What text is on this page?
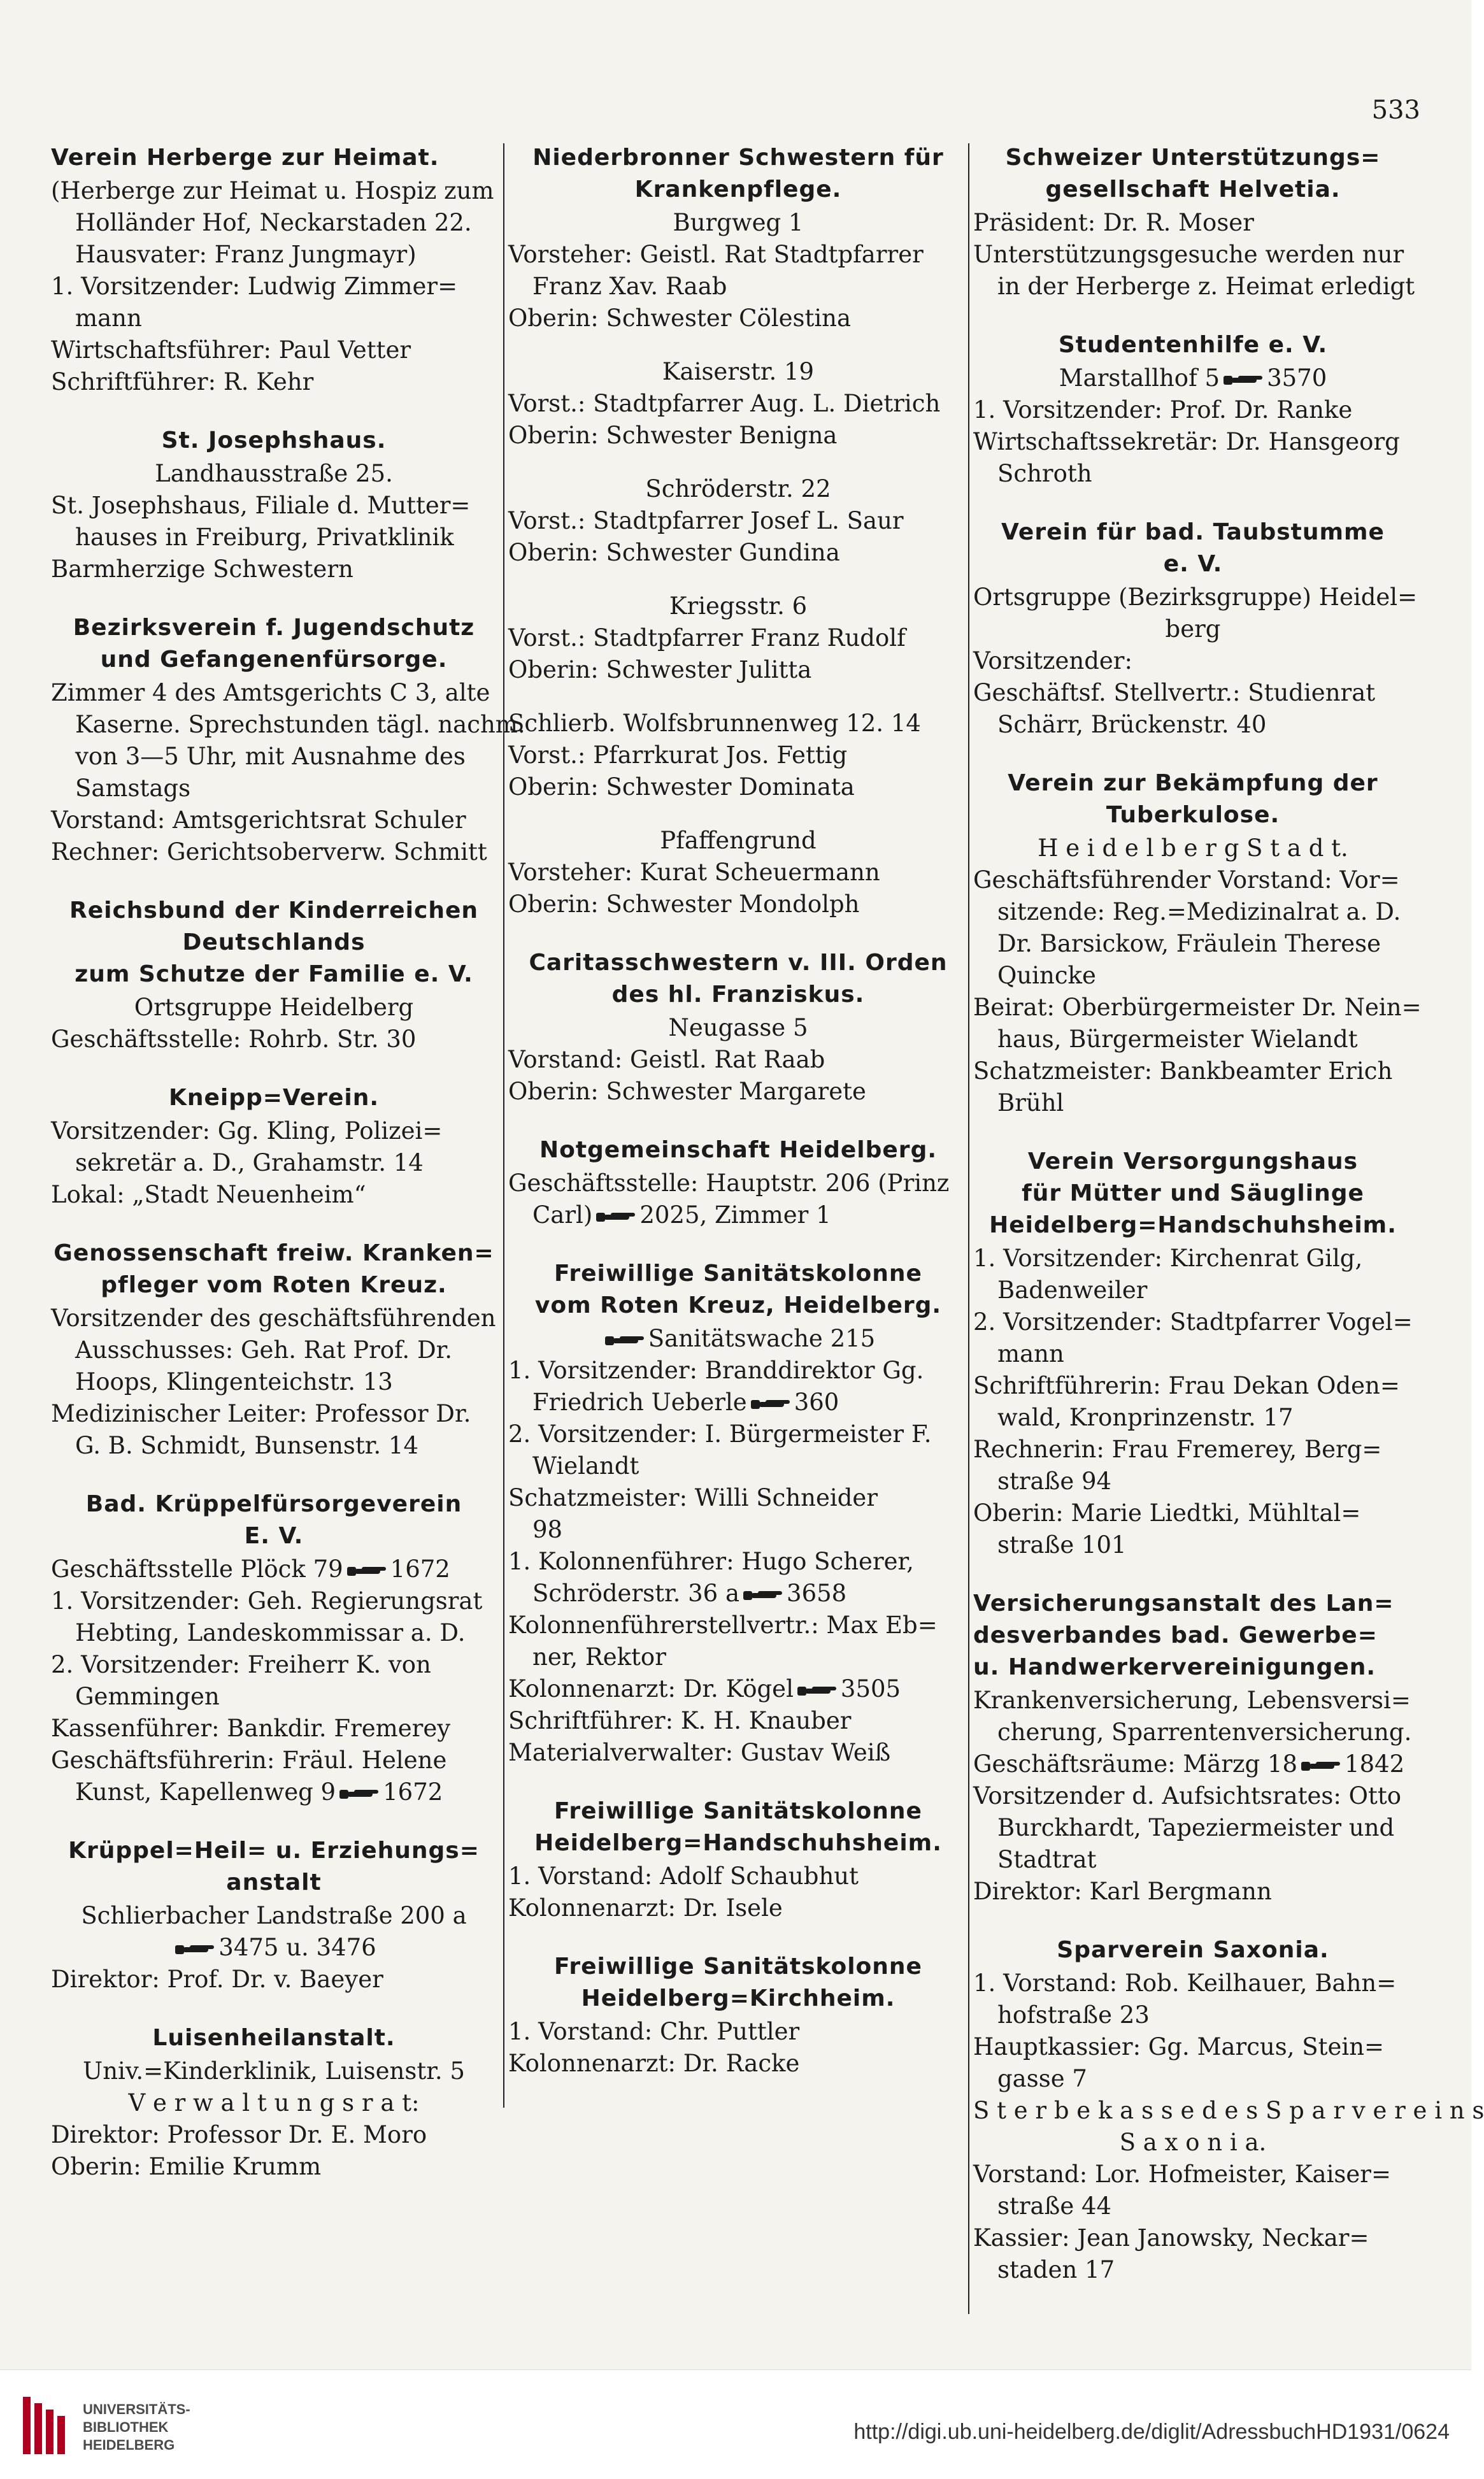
533
Verein Herberge zur Heimat.
(Herberge zur Heimat u. Hospiz zum
Holländer Hof, Neckarstaden 22.
Hausvater: Franz Jungmayr)
1. Vorsitzender: Ludwig Zimmer=
mann
Wirtschaftsführer: Paul Vetter
Schriftführer: R. Kehr
St. Josephshaus.
Landhausstraße 25.
St. Josephshaus, Filiale d. Mutter=
hauses in Freiburg, Privatklinik
Barmherzige Schwestern
Bezirksverein f. Jugendschutz
und Gefangenenfürsorge.
Zimmer 4 des Amtsgerichts C 3, alte
Kaserne. Sprechstunden tägl. nachm.
von 3—5 Uhr, mit Ausnahme des
Samstags
Vorstand: Amtsgerichtsrat Schuler
Rechner: Gerichtsoberverw. Schmitt
Reichsbund der Kinderreichen
Deutschlands
zum Schutze der Familie e. V.
Ortsgruppe Heidelberg
Geschäftsstelle: Rohrb. Str. 30
Kneipp=Verein.
Vorsitzender: Gg. Kling, Polizei=
sekretär a. D., Grahamstr. 14
Lokal: „Stadt Neuenheim“
Genossenschaft freiw. Kranken=
pfleger vom Roten Kreuz.
Vorsitzender des geschäftsführenden
Ausschusses: Geh. Rat Prof. Dr.
Hoops, Klingenteichstr. 13
Medizinischer Leiter: Professor Dr.
G. B. Schmidt, Bunsenstr. 14
Bad. Krüppelfürsorgeverein
E. V.
Geschäftsstelle Plöck 79 1672
1. Vorsitzender: Geh. Regierungsrat
Hebting, Landeskommissar a. D.
2. Vorsitzender: Freiherr K. von
Gemmingen
Kassenführer: Bankdir. Fremerey
Geschäftsführerin: Fräul. Helene
Kunst, Kapellenweg 9 1672
Krüppel=Heil= u. Erziehungs=
anstalt
Schlierbacher Landstraße 200 a
3475 u. 3476
Direktor: Prof. Dr. v. Baeyer
Luisenheilanstalt.
Univ.=Kinderklinik, Luisenstr. 5
V e r w a l t u n g s r a t:
Direktor: Professor Dr. E. Moro
Oberin: Emilie Krumm
Niederbronner Schwestern für
Krankenpflege.
Burgweg 1
Vorsteher: Geistl. Rat Stadtpfarrer
Franz Xav. Raab
Oberin: Schwester Cölestina
Kaiserstr. 19
Vorst.: Stadtpfarrer Aug. L. Dietrich
Oberin: Schwester Benigna
Schröderstr. 22
Vorst.: Stadtpfarrer Josef L. Saur
Oberin: Schwester Gundina
Kriegsstr. 6
Vorst.: Stadtpfarrer Franz Rudolf
Oberin: Schwester Julitta
Schlierb. Wolfsbrunnenweg 12. 14
Vorst.: Pfarrkurat Jos. Fettig
Oberin: Schwester Dominata
Pfaffengrund
Vorsteher: Kurat Scheuermann
Oberin: Schwester Mondolph
Caritasschwestern v. III. Orden
des hl. Franziskus.
Neugasse 5
Vorstand: Geistl. Rat Raab
Oberin: Schwester Margarete
Notgemeinschaft Heidelberg.
Geschäftsstelle: Hauptstr. 206 (Prinz
Carl) 2025, Zimmer 1
Freiwillige Sanitätskolonne
vom Roten Kreuz, Heidelberg.
Sanitätswache 215
1. Vorsitzender: Branddirektor Gg.
Friedrich Ueberle 360
2. Vorsitzender: I. Bürgermeister F.
Wielandt
Schatzmeister: Willi Schneider
98
1. Kolonnenführer: Hugo Scherer,
Schröderstr. 36 a 3658
Kolonnenführerstellvertr.: Max Eb=
ner, Rektor
Kolonnenarzt: Dr. Kögel 3505
Schriftführer: K. H. Knauber
Materialverwalter: Gustav Weiß
Freiwillige Sanitätskolonne
Heidelberg=Handschuhsheim.
1. Vorstand: Adolf Schaubhut
Kolonnenarzt: Dr. Isele
Freiwillige Sanitätskolonne
Heidelberg=Kirchheim.
1. Vorstand: Chr. Puttler
Kolonnenarzt: Dr. Racke
Schweizer Unterstützungs=
gesellschaft Helvetia.
Präsident: Dr. R. Moser
Unterstützungsgesuche werden nur
in der Herberge z. Heimat erledigt
Studentenhilfe e. V.
Marstallhof 5 3570
1. Vorsitzender: Prof. Dr. Ranke
Wirtschaftssekretär: Dr. Hansgeorg
Schroth
Verein für bad. Taubstumme
e. V.
Ortsgruppe (Bezirksgruppe) Heidel=
berg
Vorsitzender:
Geschäftsf. Stellvertr.: Studienrat
Schärr, Brückenstr. 40
Verein zur Bekämpfung der
Tuberkulose.
H e i d e l b e r g S t a d t.
Geschäftsführender Vorstand: Vor=
sitzende: Reg.=Medizinalrat a. D.
Dr. Barsickow, Fräulein Therese
Quincke
Beirat: Oberbürgermeister Dr. Nein=
haus, Bürgermeister Wielandt
Schatzmeister: Bankbeamter Erich
Brühl
Verein Versorgungshaus
für Mütter und Säuglinge
Heidelberg=Handschuhsheim.
1. Vorsitzender: Kirchenrat Gilg,
Badenweiler
2. Vorsitzender: Stadtpfarrer Vogel=
mann
Schriftführerin: Frau Dekan Oden=
wald, Kronprinzenstr. 17
Rechnerin: Frau Fremerey, Berg=
straße 94
Oberin: Marie Liedtki, Mühltal=
straße 101
Versicherungsanstalt des Lan=
desverbandes bad. Gewerbe=
u. Handwerkervereinigungen.
Krankenversicherung, Lebensversi=
cherung, Sparrentenversicherung.
Geschäftsräume: Märzg 18 1842
Vorsitzender d. Aufsichtsrates: Otto
Burckhardt, Tapeziermeister und
Stadtrat
Direktor: Karl Bergmann
Sparverein Saxonia.
1. Vorstand: Rob. Keilhauer, Bahn=
hofstraße 23
Hauptkassier: Gg. Marcus, Stein=
gasse 7
S t e r b e k a s s e d e s S p a r v e r e i n s
S a x o n i a.
Vorstand: Lor. Hofmeister, Kaiser=
straße 44
Kassier: Jean Janowsky, Neckar=
staden 17
UNIVERSITÄTS-
BIBLIOTHEK
HEIDELBERG
http://digi.ub.uni-heidelberg.de/diglit/AdressbuchHD1931/0624
